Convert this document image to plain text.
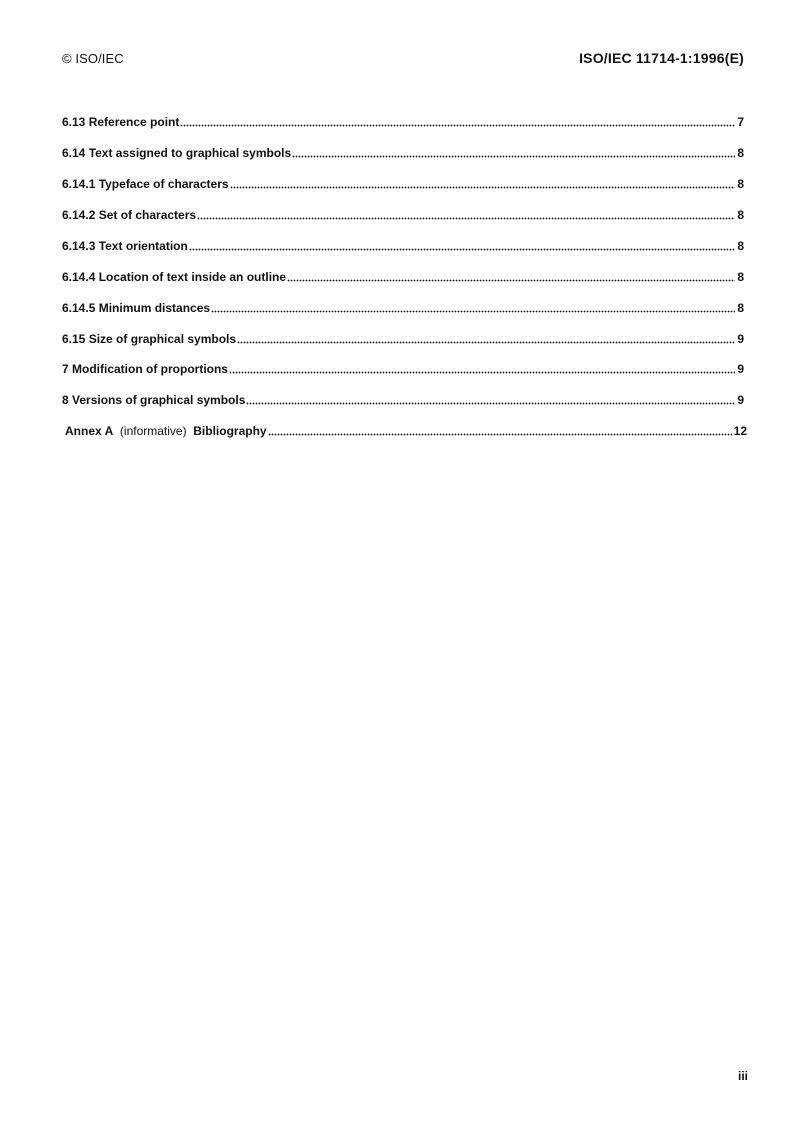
© ISO/IEC	ISO/IEC 11714-1:1996(E)
6.13 Reference point	7
6.14 Text assigned to graphical symbols	8
6.14.1 Typeface of characters	8
6.14.2 Set of characters	8
6.14.3 Text orientation	8
6.14.4 Location of text inside an outline	8
6.14.5 Minimum distances	8
6.15 Size of graphical symbols	9
7 Modification of proportions	9
8 Versions of graphical symbols	9
Annex A (informative) Bibliography	12
iii
